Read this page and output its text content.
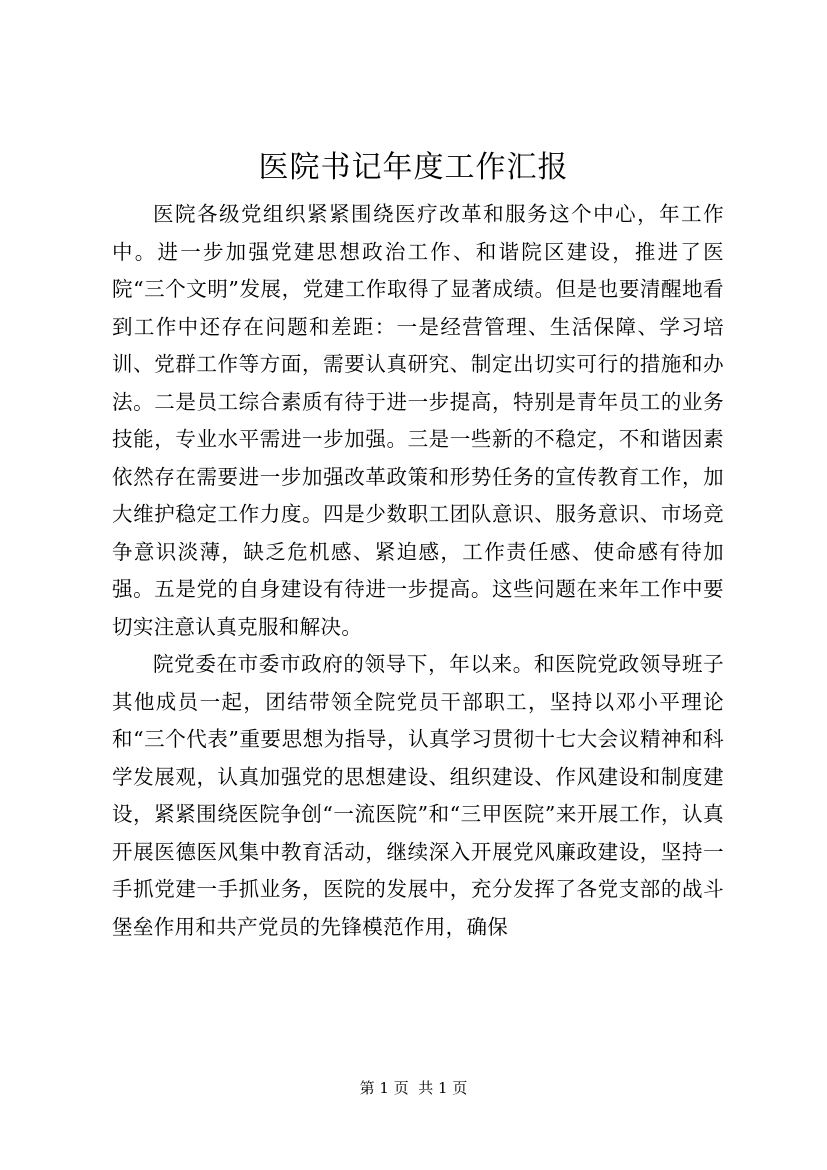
医院书记年度工作汇报

医院各级党组织紧紧围绕医疗改革和服务这个中心，年工作中。进一步加强党建思想政治工作、和谐院区建设，推进了医院“三个文明”发展，党建工作取得了显著成绩。但是也要清醒地看到工作中还存在问题和差距：一是经营管理、生活保障、学习培训、党群工作等方面，需要认真研究、制定出切实可行的措施和办法。二是员工综合素质有待于进一步提高，特别是青年员工的业务技能，专业水平需进一步加强。三是一些新的不稳定，不和谐因素依然存在需要进一步加强改革政策和形势任务的宣传教育工作，加大维护稳定工作力度。四是少数职工团队意识、服务意识、市场竞争意识淡薄，缺乏危机感、紧迫感，工作责任感、使命感有待加强。五是党的自身建设有待进一步提高。这些问题在来年工作中要切实注意认真克服和解决。

院党委在市委市政府的领导下，年以来。和医院党政领导班子其他成员一起，团结带领全院党员干部职工，坚持以邓小平理论和“三个代表”重要思想为指导，认真学习贯彻十七大会议精神和科学发展观，认真加强党的思想建设、组织建设、作风建设和制度建设，紧紧围绕医院争创“一流医院”和“三甲医院”来开展工作，认真开展医德医风集中教育活动，继续深入开展党风廉政建设，坚持一手抓党建一手抓业务，医院的发展中，充分发挥了各党支部的战斗堡垒作用和共产党员的先锋模范作用，确保

第 1 页  共 1 页
